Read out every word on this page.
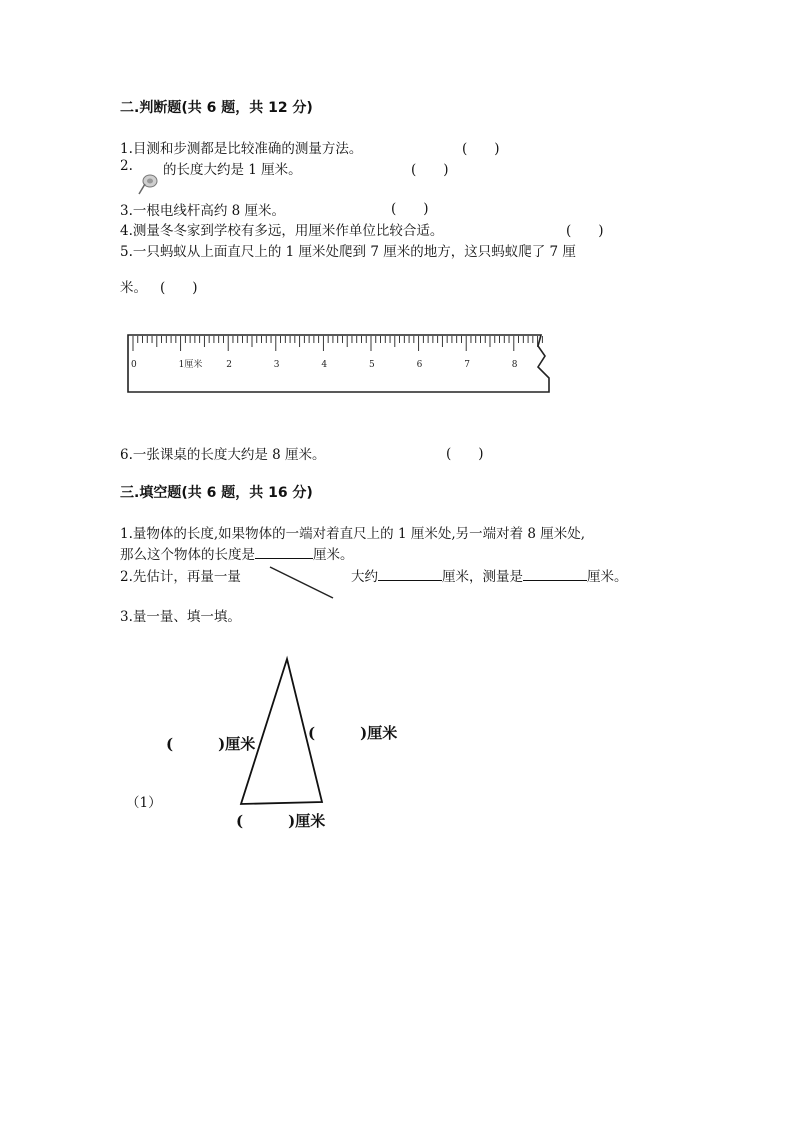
二.判断题(共 6 题，共 12 分)
1.目测和步测都是比较准确的测量方法。	(　　)
2. 的长度大约是 1 厘米。	(　　)
3.一根电线杆高约 8 厘米。	(　　)
4.测量冬冬家到学校有多远，用厘米作单位比较合适。	(　　)
5.一只蚂蚁从上面直尺上的 1 厘米处爬到 7 厘米的地方，这只蚂蚁爬了 7 厘
米。 (　　)
0	1厘米	2	3	4	5	6	7	8
6.一张课桌的长度大约是 8 厘米。	(　　)
三.填空题(共 6 题，共 16 分)
1.量物体的长度,如果物体的一端对着直尺上的 1 厘米处,另一端对着 8 厘米处,
那么这个物体的长度是	厘米。
2.先估计，再量一量	大约	厘米，测量是	厘米。
3.量一量、填一填。
(　　　)厘米
(　　　)厘米
（1）
(　　　)厘米
